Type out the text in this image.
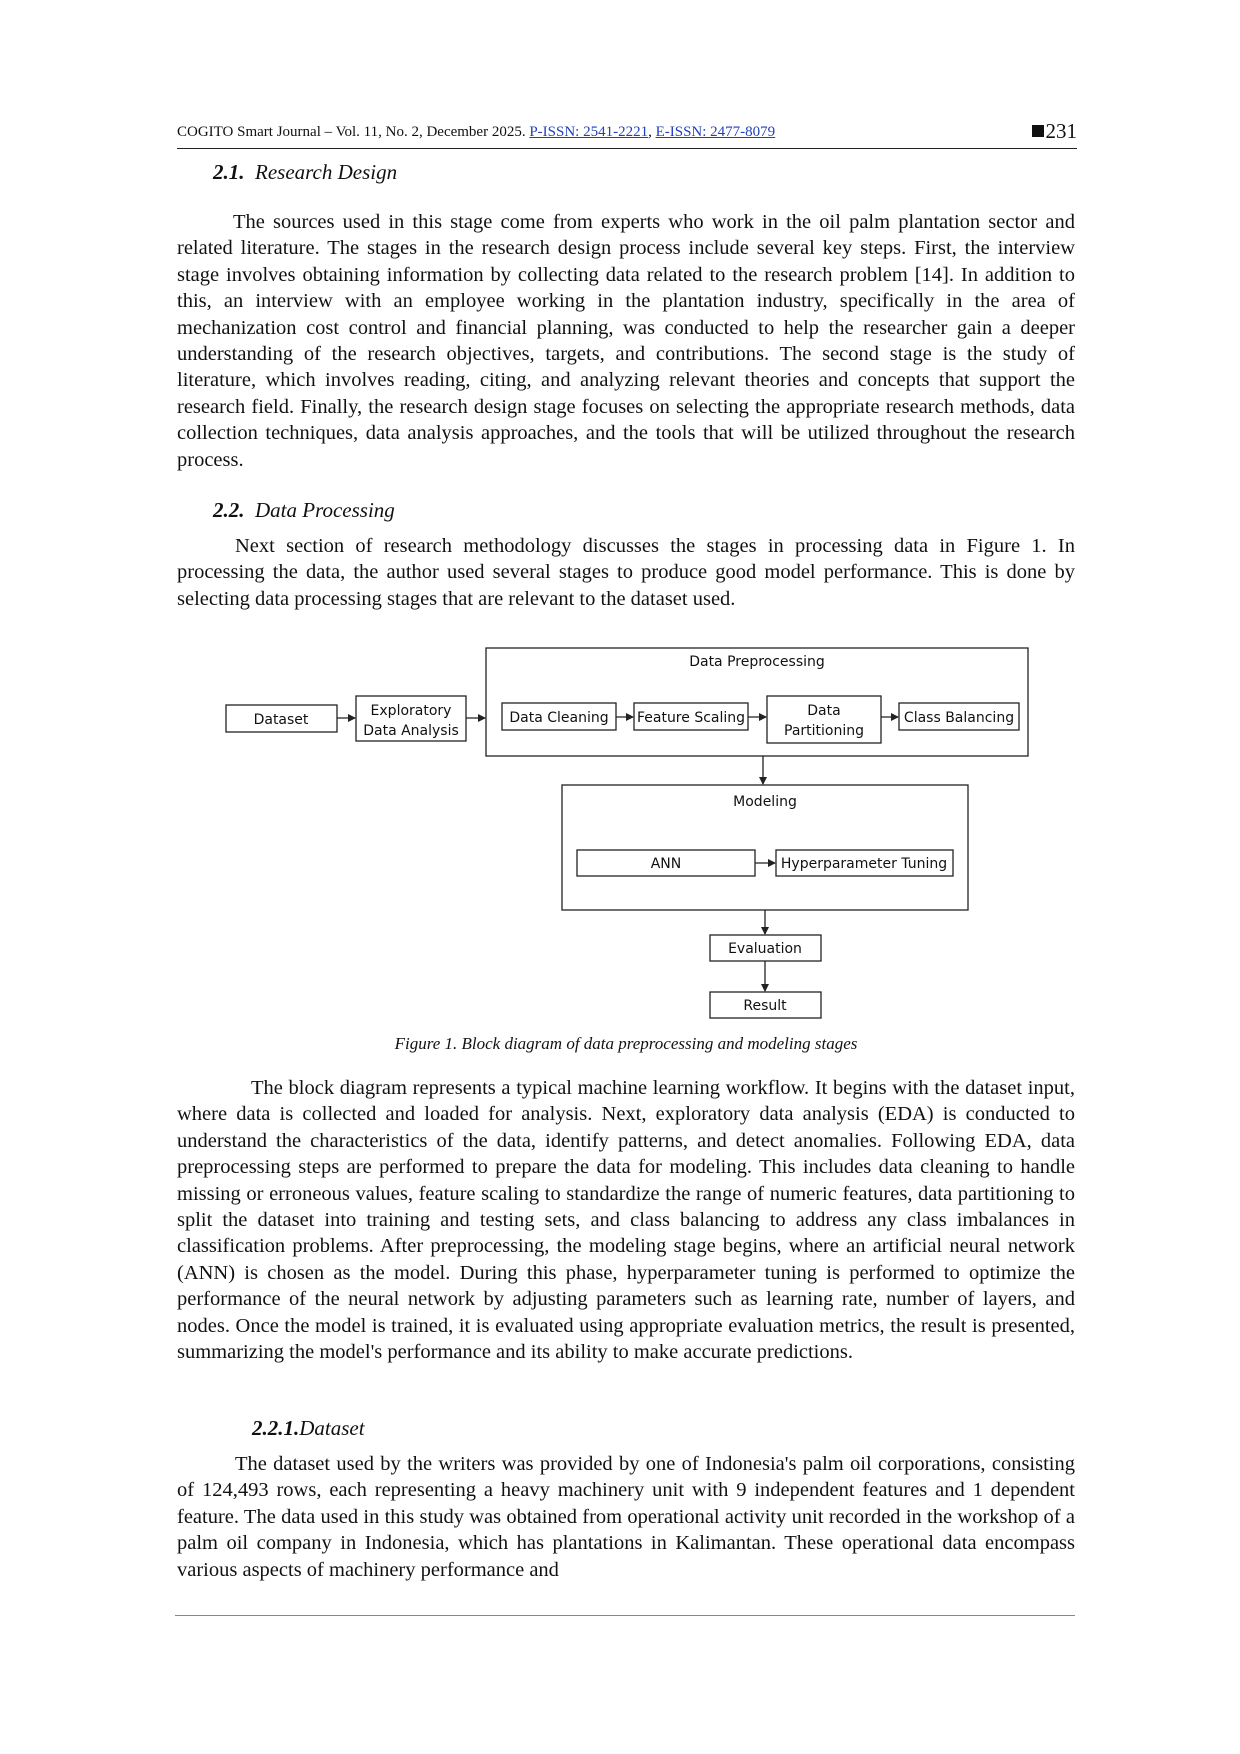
COGITO Smart Journal – Vol. 11, No. 2, December 2025. P-ISSN: 2541-2221, E-ISSN: 2477-8079	231
2.1. Research Design

The sources used in this stage come from experts who work in the oil palm plantation sector and related literature. The stages in the research design process include several key steps. First, the interview stage involves obtaining information by collecting data related to the research problem [14]. In addition to this, an interview with an employee working in the plantation industry, specifically in the area of mechanization cost control and financial planning, was conducted to help the researcher gain a deeper understanding of the research objectives, targets, and contributions. The second stage is the study of literature, which involves reading, citing, and analyzing relevant theories and concepts that support the research field. Finally, the research design stage focuses on selecting the appropriate research methods, data collection techniques, data analysis approaches, and the tools that will be utilized throughout the research process.

2.2. Data Processing

Next section of research methodology discusses the stages in processing data in Figure 1. In processing the data, the author used several stages to produce good model performance. This is done by selecting data processing stages that are relevant to the dataset used.

Data Preprocessing
Modeling
Dataset
Exploratory
Data Analysis
Data Cleaning Feature Scaling	Data
Partitioning
Class Balancing
ANN	Hyperparameter Tuning
Evaluation
Result
Figure 1. Block diagram of data preprocessing and modeling stages

The block diagram represents a typical machine learning workflow. It begins with the dataset input, where data is collected and loaded for analysis. Next, exploratory data analysis (EDA) is conducted to understand the characteristics of the data, identify patterns, and detect anomalies. Following EDA, data preprocessing steps are performed to prepare the data for modeling. This includes data cleaning to handle missing or erroneous values, feature scaling to standardize the range of numeric features, data partitioning to split the dataset into training and testing sets, and class balancing to address any class imbalances in classification problems. After preprocessing, the modeling stage begins, where an artificial neural network (ANN) is chosen as the model. During this phase, hyperparameter tuning is performed to optimize the performance of the neural network by adjusting parameters such as learning rate, number of layers, and nodes. Once the model is trained, it is evaluated using appropriate evaluation metrics, the result is presented, summarizing the model's performance and its ability to make accurate predictions.

2.2.1.Dataset

The dataset used by the writers was provided by one of Indonesia's palm oil corporations, consisting of 124,493 rows, each representing a heavy machinery unit with 9 independent features and 1 dependent feature. The data used in this study was obtained from operational activity unit recorded in the workshop of a palm oil company in Indonesia, which has plantations in Kalimantan. These operational data encompass various aspects of machinery performance and
